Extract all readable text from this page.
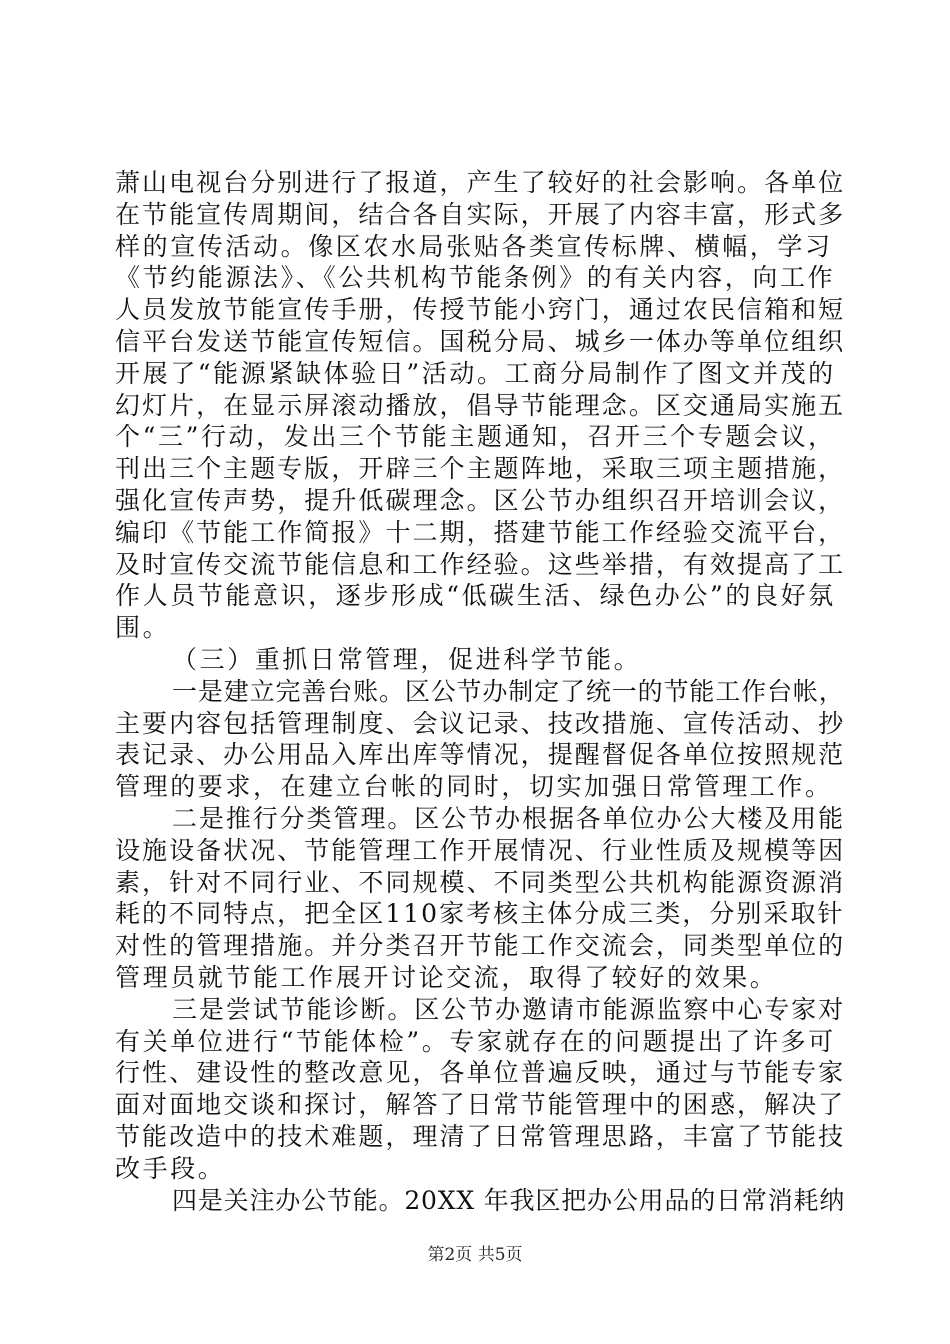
萧山电视台分别进行了报道，产生了较好的社会影响。各单位
在节能宣传周期间，结合各自实际，开展了内容丰富，形式多
样的宣传活动。像区农水局张贴各类宣传标牌、横幅，学习
《节约能源法》、《公共机构节能条例》的有关内容，向工作
人员发放节能宣传手册，传授节能小窍门，通过农民信箱和短
信平台发送节能宣传短信。国税分局、城乡一体办等单位组织
开展了“能源紧缺体验日”活动。工商分局制作了图文并茂的
幻灯片，在显示屏滚动播放，倡导节能理念。区交通局实施五
个“三”行动，发出三个节能主题通知，召开三个专题会议，
刊出三个主题专版，开辟三个主题阵地，采取三项主题措施，
强化宣传声势，提升低碳理念。区公节办组织召开培训会议，
编印《节能工作简报》十二期，搭建节能工作经验交流平台，
及时宣传交流节能信息和工作经验。这些举措，有效提高了工
作人员节能意识，逐步形成“低碳生活、绿色办公”的良好氛
围。
（三）重抓日常管理，促进科学节能。
一是建立完善台账。区公节办制定了统一的节能工作台帐，
主要内容包括管理制度、会议记录、技改措施、宣传活动、抄
表记录、办公用品入库出库等情况，提醒督促各单位按照规范
管理的要求，在建立台帐的同时，切实加强日常管理工作。
二是推行分类管理。区公节办根据各单位办公大楼及用能
设施设备状况、节能管理工作开展情况、行业性质及规模等因
素，针对不同行业、不同规模、不同类型公共机构能源资源消
耗的不同特点，把全区110家考核主体分成三类，分别采取针
对性的管理措施。并分类召开节能工作交流会，同类型单位的
管理员就节能工作展开讨论交流，取得了较好的效果。
三是尝试节能诊断。区公节办邀请市能源监察中心专家对
有关单位进行“节能体检”。专家就存在的问题提出了许多可
行性、建设性的整改意见，各单位普遍反映，通过与节能专家
面对面地交谈和探讨，解答了日常节能管理中的困惑，解决了
节能改造中的技术难题，理清了日常管理思路，丰富了节能技
改手段。
四是关注办公节能。20XX 年我区把办公用品的日常消耗纳
第2页 共5页
